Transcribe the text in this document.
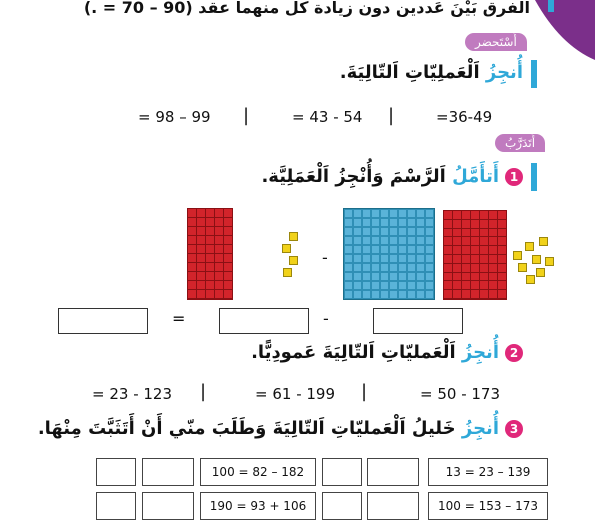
الفرق بَيْنَ عَددين دون زيادة كل منهما عقد (90 – 70 = .)
أَسْتَحضر
أُنجِزُ اَلْعَملِيّاتِ اَلتّالِيَةَ.
= 98 – 99 |	= 43 - 54 |	=36-49
أَتَدَرَّبُ
1أَتأَمَّلُ اَلرَّسْمَ وَأُنْجِزُ اَلْعَمَلِيَّة.
-
=	-
2أُنجِزُ اَلْعَمليّاتِ اَلتّالِيَةَ عَمودِيًّا.
= 23 - 123 |	= 61 - 199 |	= 50 - 173
3أُنجِزُ خَليلُ اَلْعَمليّاتِ اَلتّالِيَةَ وَطَلَبَ منّي أَنْ أَتَثَبَّتَ مِنْهَا.
100 = 82 – 182	13 = 23 – 139
190 = 93 + 106	100 = 153 – 173
